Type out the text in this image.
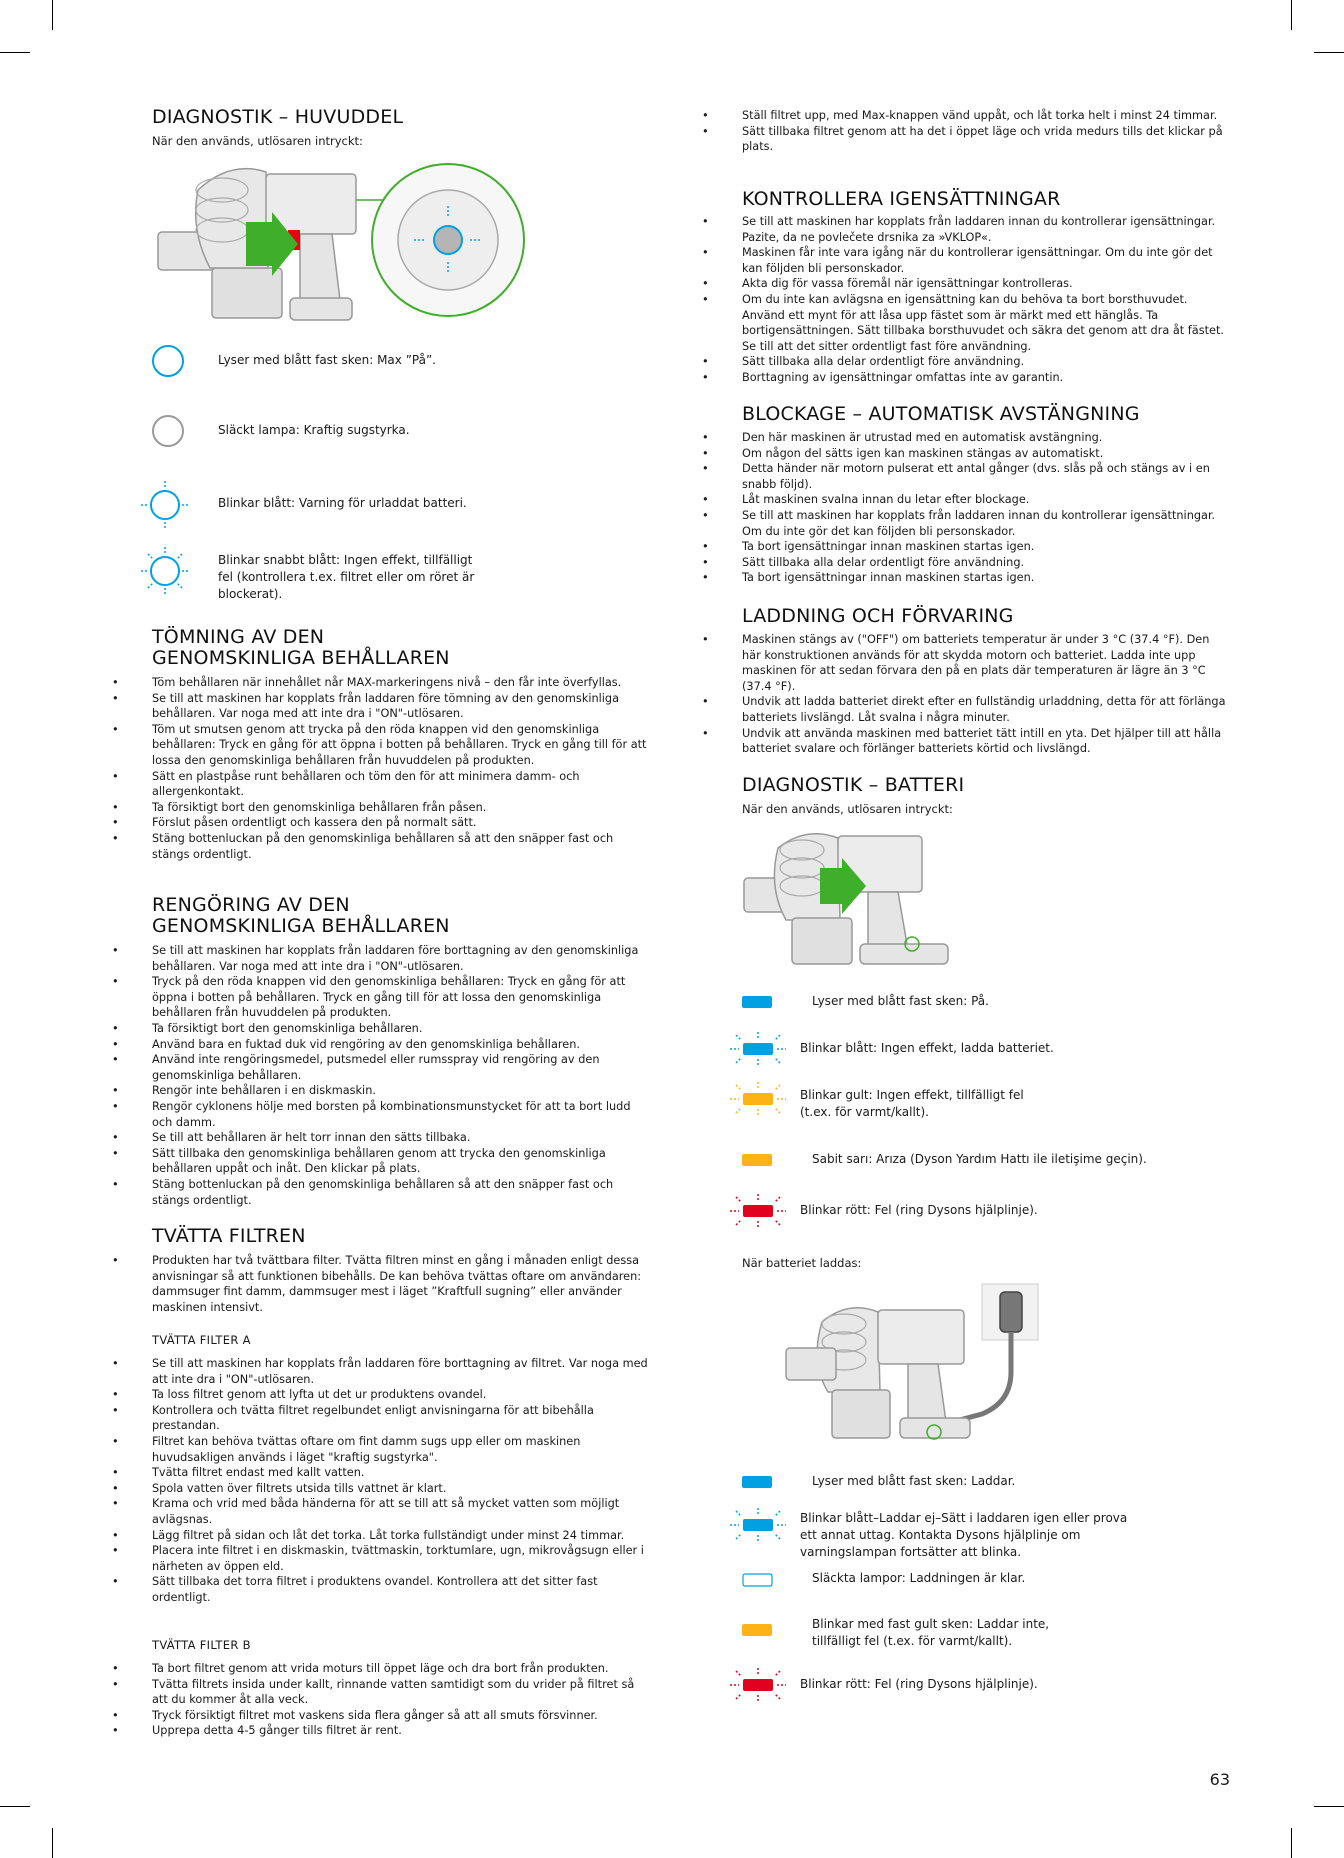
DIAGNOSTIK – HUVUDDEL
När den används, utlösaren intryckt:
Lyser med blått fast sken: Max ”På”.
Släckt lampa: Kraftig sugstyrka.
Blinkar blått: Varning för urladdat batteri.
Blinkar snabbt blått: Ingen effekt, tillfälligt fel (kontrollera t.ex. filtret eller om röret är blockerat).
TÖMNING AV DEN
GENOMSKINLIGA BEHÅLLAREN
• Töm behållaren när innehållet når MAX-markeringens nivå – den får inte överfyllas.
• Se till att maskinen har kopplats från laddaren före tömning av den genomskinliga behållaren. Var noga med att inte dra i "ON"-utlösaren.
• Töm ut smutsen genom att trycka på den röda knappen vid den genomskinliga behållaren: Tryck en gång för att öppna i botten på behållaren. Tryck en gång till för att lossa den genomskinliga behållaren från huvuddelen på produkten.
• Sätt en plastpåse runt behållaren och töm den för att minimera damm- och allergenkontakt.
• Ta försiktigt bort den genomskinliga behållaren från påsen.
• Förslut påsen ordentligt och kassera den på normalt sätt.
• Stäng bottenluckan på den genomskinliga behållaren så att den snäpper fast och stängs ordentligt.
RENGÖRING AV DEN
GENOMSKINLIGA BEHÅLLAREN
• Se till att maskinen har kopplats från laddaren före borttagning av den genomskinliga behållaren. Var noga med att inte dra i "ON"-utlösaren.
• Tryck på den röda knappen vid den genomskinliga behållaren: Tryck en gång för att öppna i botten på behållaren. Tryck en gång till för att lossa den genomskinliga behållaren från huvuddelen på produkten.
• Ta försiktigt bort den genomskinliga behållaren.
• Använd bara en fuktad duk vid rengöring av den genomskinliga behållaren.
• Använd inte rengöringsmedel, putsmedel eller rumsspray vid rengöring av den genomskinliga behållaren.
• Rengör inte behållaren i en diskmaskin.
• Rengör cyklonens hölje med borsten på kombinationsmunstycket för att ta bort ludd och damm.
• Se till att behållaren är helt torr innan den sätts tillbaka.
• Sätt tillbaka den genomskinliga behållaren genom att trycka den genomskinliga behållaren uppåt och inåt. Den klickar på plats.
• Stäng bottenluckan på den genomskinliga behållaren så att den snäpper fast och stängs ordentligt.
TVÄTTA FILTREN
• Produkten har två tvättbara filter. Tvätta filtren minst en gång i månaden enligt dessa anvisningar så att funktionen bibehålls. De kan behöva tvättas oftare om användaren: dammsuger fint damm, dammsuger mest i läget ”Kraftfull sugning” eller använder maskinen intensivt.
TVÄTTA FILTER A
• Se till att maskinen har kopplats från laddaren före borttagning av filtret. Var noga med att inte dra i "ON"-utlösaren.
• Ta loss filtret genom att lyfta ut det ur produktens ovandel.
• Kontrollera och tvätta filtret regelbundet enligt anvisningarna för att bibehålla prestandan.
• Filtret kan behöva tvättas oftare om fint damm sugs upp eller om maskinen huvudsakligen används i läget "kraftig sugstyrka".
• Tvätta filtret endast med kallt vatten.
• Spola vatten över filtrets utsida tills vattnet är klart.
• Krama och vrid med båda händerna för att se till att så mycket vatten som möjligt avlägsnas.
• Lägg filtret på sidan och låt det torka. Låt torka fullständigt under minst 24 timmar.
• Placera inte filtret i en diskmaskin, tvättmaskin, torktumlare, ugn, mikrovågsugn eller i närheten av öppen eld.
• Sätt tillbaka det torra filtret i produktens ovandel. Kontrollera att det sitter fast ordentligt.
TVÄTTA FILTER B
• Ta bort filtret genom att vrida moturs till öppet läge och dra bort från produkten.
• Tvätta filtrets insida under kallt, rinnande vatten samtidigt som du vrider på filtret så att du kommer åt alla veck.
• Tryck försiktigt filtret mot vaskens sida flera gånger så att all smuts försvinner.
• Upprepa detta 4-5 gånger tills filtret är rent.
• Ställ filtret upp, med Max-knappen vänd uppåt, och låt torka helt i minst 24 timmar.
• Sätt tillbaka filtret genom att ha det i öppet läge och vrida medurs tills det klickar på plats.
KONTROLLERA IGENSÄTTNINGAR
• Se till att maskinen har kopplats från laddaren innan du kontrollerar igensättningar. Pazite, da ne povlečete drsnika za »VKLOP«.
• Maskinen får inte vara igång när du kontrollerar igensättningar. Om du inte gör det kan följden bli personskador.
• Akta dig för vassa föremål när igensättningar kontrolleras.
• Om du inte kan avlägsna en igensättning kan du behöva ta bort borsthuvudet. Använd ett mynt för att låsa upp fästet som är märkt med ett hänglås. Ta bortigensättningen. Sätt tillbaka borsthuvudet och säkra det genom att dra åt fästet. Se till att det sitter ordentligt fast före användning.
• Sätt tillbaka alla delar ordentligt före användning.
• Borttagning av igensättningar omfattas inte av garantin.
BLOCKAGE – AUTOMATISK AVSTÄNGNING
• Den här maskinen är utrustad med en automatisk avstängning.
• Om någon del sätts igen kan maskinen stängas av automatiskt.
• Detta händer när motorn pulserat ett antal gånger (dvs. slås på och stängs av i en snabb följd).
• Låt maskinen svalna innan du letar efter blockage.
• Se till att maskinen har kopplats från laddaren innan du kontrollerar igensättningar. Om du inte gör det kan följden bli personskador.
• Ta bort igensättningar innan maskinen startas igen.
• Sätt tillbaka alla delar ordentligt före användning.
• Ta bort igensättningar innan maskinen startas igen.
LADDNING OCH FÖRVARING
• Maskinen stängs av ("OFF") om batteriets temperatur är under 3 °C (37.4 °F). Den här konstruktionen används för att skydda motorn och batteriet. Ladda inte upp maskinen för att sedan förvara den på en plats där temperaturen är lägre än 3 °C (37.4 °F).
• Undvik att ladda batteriet direkt efter en fullständig urladdning, detta för att förlänga batteriets livslängd. Låt svalna i några minuter.
• Undvik att använda maskinen med batteriet tätt intill en yta. Det hjälper till att hålla batteriet svalare och förlänger batteriets körtid och livslängd.
DIAGNOSTIK – BATTERI
När den används, utlösaren intryckt:
Lyser med blått fast sken: På.
Blinkar blått: Ingen effekt, ladda batteriet.
Blinkar gult: Ingen effekt, tillfälligt fel (t.ex. för varmt/kallt).
Sabit sarı: Arıza (Dyson Yardım Hattı ile iletişime geçin).
Blinkar rött: Fel (ring Dysons hjälplinje).
När batteriet laddas:
Lyser med blått fast sken: Laddar.
Blinkar blått–Laddar ej–Sätt i laddaren igen eller prova ett annat uttag. Kontakta Dysons hjälplinje om varningslampan fortsätter att blinka.
Släckta lampor: Laddningen är klar.
Blinkar med fast gult sken: Laddar inte, tillfälligt fel (t.ex. för varmt/kallt).
Blinkar rött: Fel (ring Dysons hjälplinje).
63
